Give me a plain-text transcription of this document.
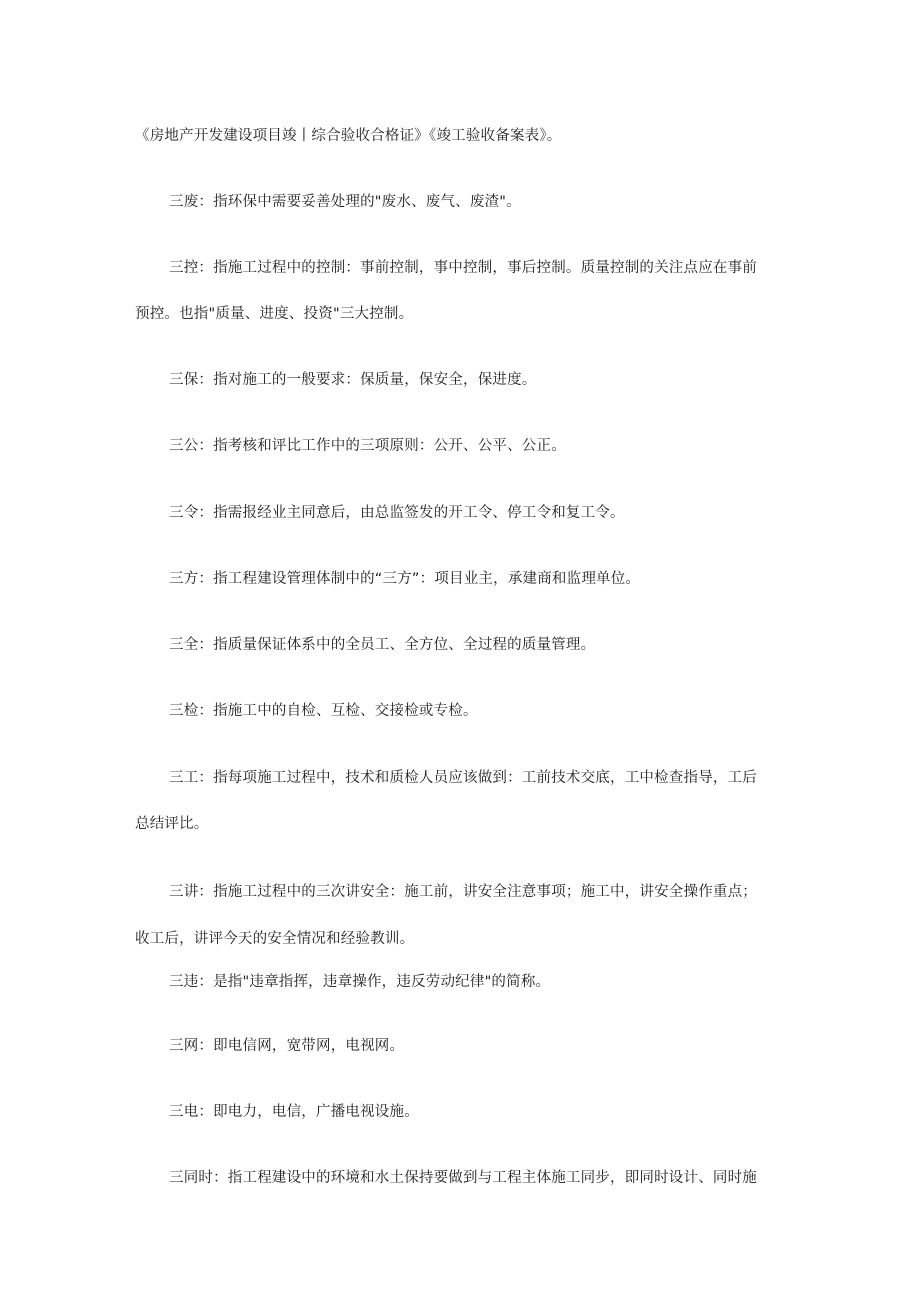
《房地产开发建设项目竣丨综合验收合格证》《竣工验收备案表》。

三废：指环保中需要妥善处理的"废水、废气、废渣"。

三控：指施工过程中的控制：事前控制，事中控制，事后控制。质量控制的关注点应在事前

预控。也指"质量、进度、投资"三大控制。

三保：指对施工的一般要求：保质量，保安全，保进度。

三公：指考核和评比工作中的三项原则：公开、公平、公正。

三令：指需报经业主同意后，由总监签发的开工令、停工令和复工令。

三方：指工程建设管理体制中的“三方”：项目业主，承建商和监理单位。

三全：指质量保证体系中的全员工、全方位、全过程的质量管理。

三检：指施工中的自检、互检、交接检或专检。

三工：指每项施工过程中，技术和质检人员应该做到：工前技术交底，工中检查指导，工后

总结评比。

三讲：指施工过程中的三次讲安全：施工前，讲安全注意事项；施工中，讲安全操作重点；

收工后，讲评今天的安全情况和经验教训。

三违：是指"违章指挥，违章操作，违反劳动纪律"的简称。

三网：即电信网，宽带网，电视网。

三电：即电力，电信，广播电视设施。

三同时：指工程建设中的环境和水土保持要做到与工程主体施工同步，即同时设计、同时施
